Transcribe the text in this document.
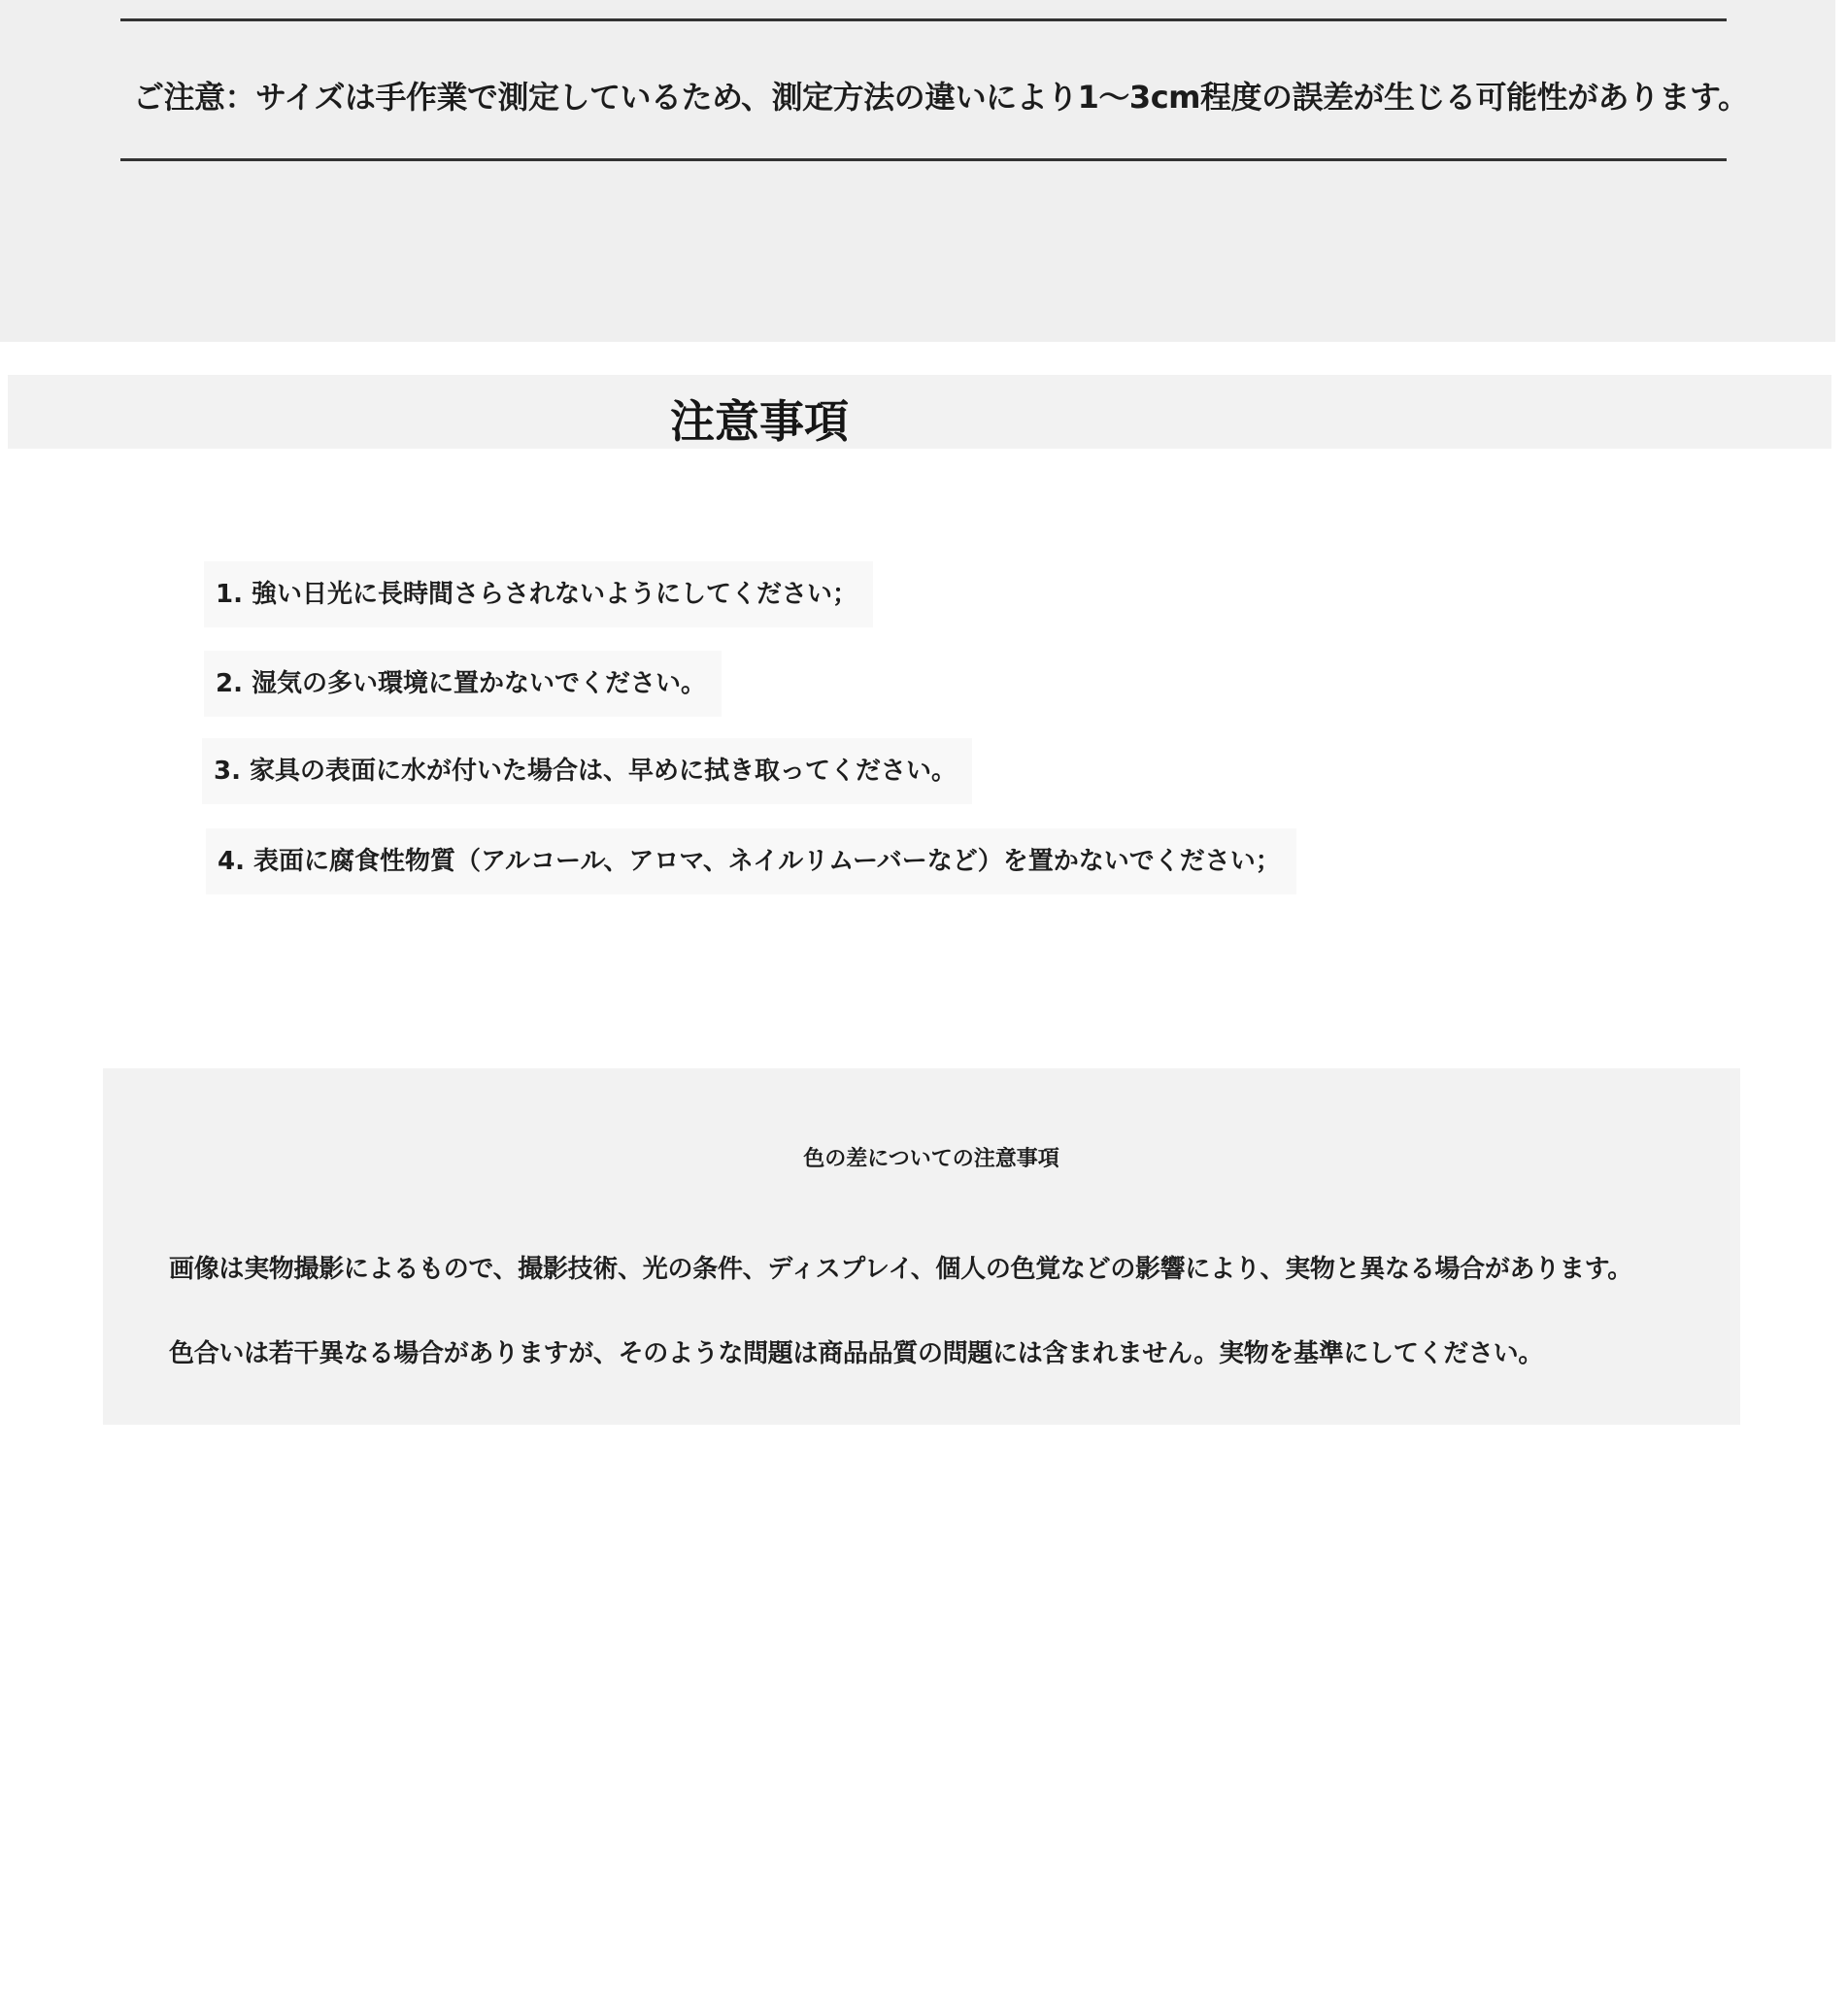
ご注意：サイズは手作業で測定しているため、測定方法の違いにより1〜3cm程度の誤差が生じる可能性があります。

注意事項
1. 強い日光に長時間さらされないようにしてください；
2. 湿気の多い環境に置かないでください。
3. 家具の表面に水が付いた場合は、早めに拭き取ってください。
4. 表面に腐食性物質（アルコール、アロマ、ネイルリムーバーなど）を置かないでください；
色の差についての注意事項

画像は実物撮影によるもので、撮影技術、光の条件、ディスプレイ、個人の色覚などの影響により、実物と異なる場合があります。

色合いは若干異なる場合がありますが、そのような問題は商品品質の問題には含まれません。実物を基準にしてください。
